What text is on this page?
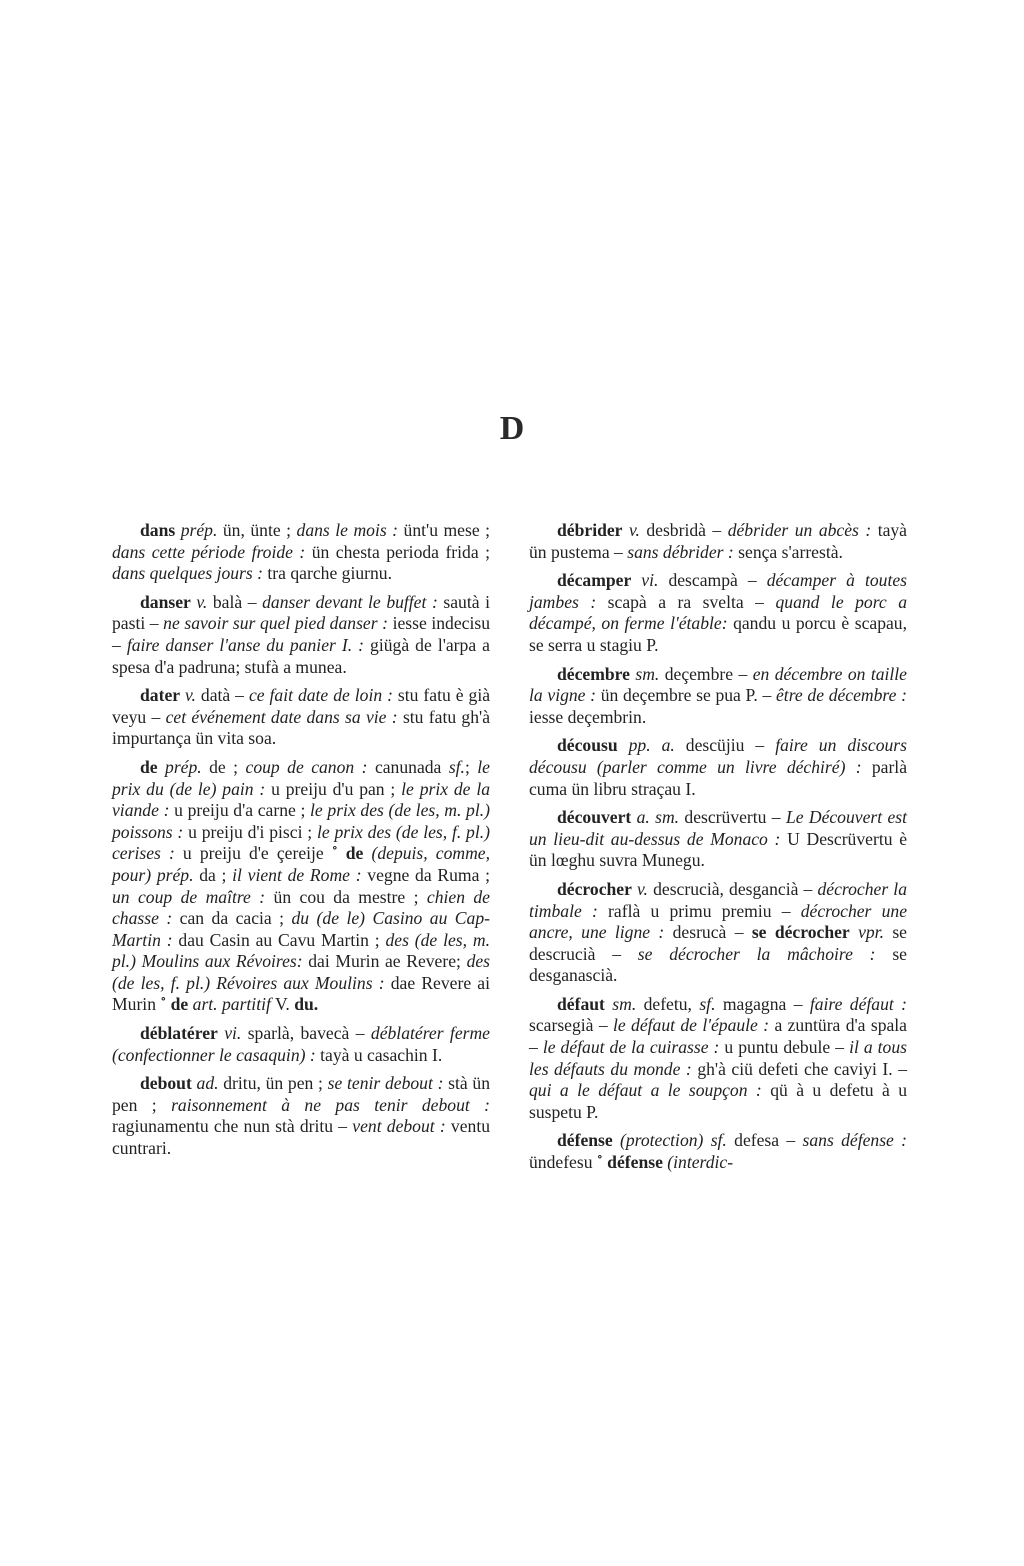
D
dans prép. ün, ünte ; dans le mois : ünt'u mese ; dans cette période froide : ün chesta perioda frida ; dans quelques jours : tra qarche giurnu.
danser v. balà – danser devant le buffet : sautà i pasti – ne savoir sur quel pied danser : iesse indecisu – faire danser l'anse du panier I. : giügà de l'arpa a spesa d'a padruna; stufà a munea.
dater v. datà – ce fait date de loin : stu fatu è già veyu – cet événement date dans sa vie : stu fatu gh'à impurtança ün vita soa.
de prép. de ; coup de canon : canunada sf.; le prix du (de le) pain : u preiju d'u pan ; le prix de la viande : u preiju d'a carne ; le prix des (de les, m. pl.) poissons : u preiju d'i pisci ; le prix des (de les, f. pl.) cerises : u preiju d'e çereije ˚ de (depuis, comme, pour) prép. da ; il vient de Rome : vegne da Ruma ; un coup de maître : ün cou da mestre ; chien de chasse : can da cacia ; du (de le) Casino au Cap-Martin : dau Casin au Cavu Martin ; des (de les, m. pl.) Moulins aux Révoires: dai Murin ae Revere; des (de les, f. pl.) Révoires aux Moulins : dae Revere ai Murin ˚ de art. partitif V. du.
déblatérer vi. sparlà, bavecà – déblatérer ferme (confectionner le casaquin) : tayà u casachin I.
debout ad. dritu, ün pen ; se tenir debout : stà ün pen ; raisonnement à ne pas tenir debout : ragiunamentu che nun stà dritu – vent debout : ventu cuntrari.
débrider v. desbridà – débrider un abcès : tayà ün pustema – sans débrider : sença s'arrestà.
décamper vi. descampà – décamper à toutes jambes : scapà a ra svelta – quand le porc a décampé, on ferme l'étable: qandu u porcu è scapau, se serra u stagiu P.
décembre sm. deçembre – en décembre on taille la vigne : ün deçembre se pua P. – être de décembre : iesse deçembrin.
décousu pp. a. descüjiu – faire un discours décousu (parler comme un livre déchiré) : parlà cuma ün libru straçau I.
découvert a. sm. descrüvertu – Le Découvert est un lieu-dit au-dessus de Monaco : U Descrüvertu è ün lœghu suvra Munegu.
décrocher v. descrucià, desgancià – décrocher la timbale : raflà u primu premiu – décrocher une ancre, une ligne : desrucà – se décrocher vpr. se descrucià – se décrocher la mâchoire : se desganascià.
défaut sm. defetu, sf. magagna – faire défaut : scarsegià – le défaut de l'épaule : a zuntüra d'a spala – le défaut de la cuirasse : u puntu debule – il a tous les défauts du monde : gh'à ciü defeti che caviyi I. – qui a le défaut a le soupçon : qü à u defetu à u suspetu P.
défense (protection) sf. defesa – sans défense : ündefesu ˚ défense (interdic-
